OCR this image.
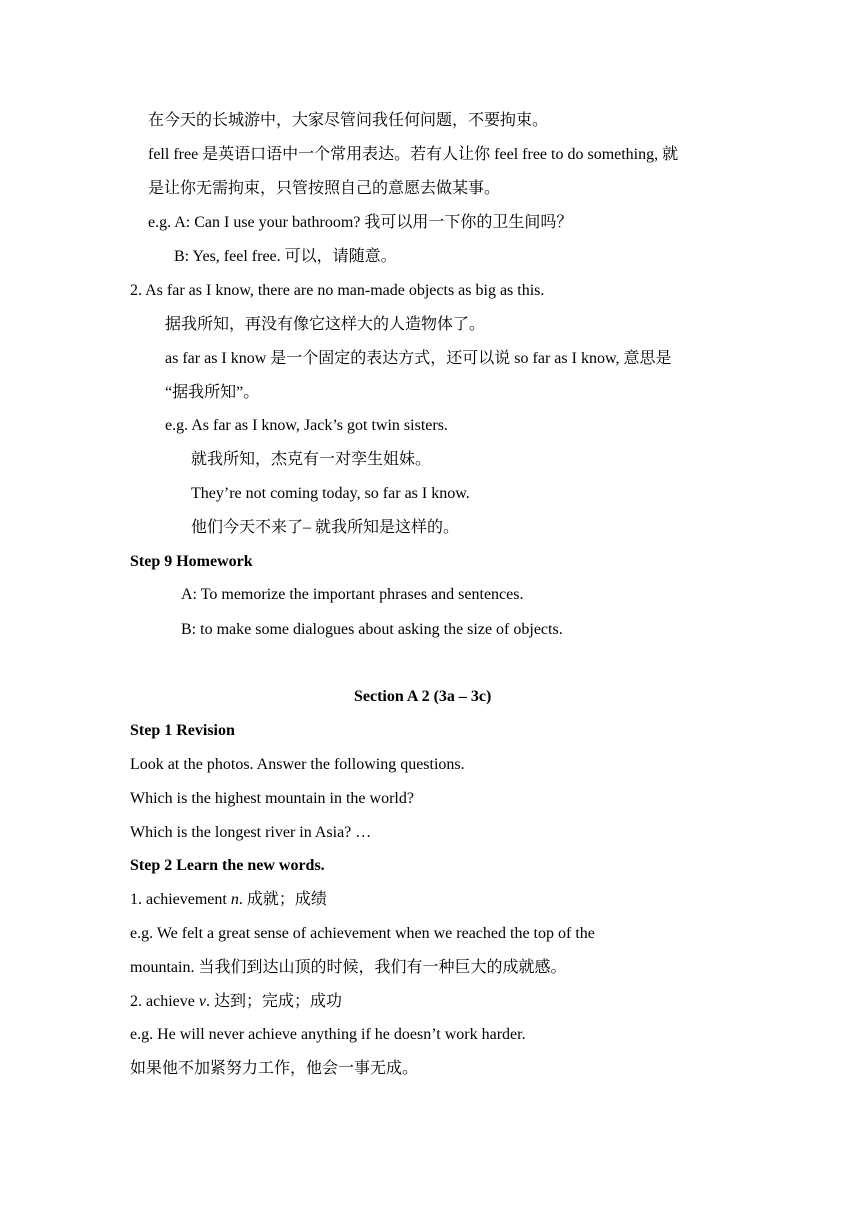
在今天的长城游中，大家尽管问我任何问题，不要拘束。
fell free 是英语口语中一个常用表达。若有人让你 feel free to do something, 就
是让你无需拘束，只管按照自己的意愿去做某事。
e.g. A: Can I use your bathroom? 我可以用一下你的卫生间吗？
B: Yes, feel free. 可以，请随意。
2. As far as I know, there are no man-made objects as big as this.
据我所知，再没有像它这样大的人造物体了。
as far as I know 是一个固定的表达方式，还可以说 so far as I know, 意思是
“据我所知”。
e.g. As far as I know, Jack’s got twin sisters.
就我所知，杰克有一对孪生姐妹。
They’re not coming today, so far as I know.
他们今天不来了– 就我所知是这样的。
Step 9 Homework
A: To memorize the important phrases and sentences.
B: to make some dialogues about asking the size of objects.
Section A 2 (3a – 3c)
Step 1 Revision
Look at the photos. Answer the following questions.
Which is the highest mountain in the world?
Which is the longest river in Asia? …
Step 2 Learn the new words.
1. achievement n. 成就；成绩
e.g. We felt a great sense of achievement when we reached the top of the
mountain. 当我们到达山顶的时候，我们有一种巨大的成就感。
2. achieve v. 达到；完成；成功
e.g. He will never achieve anything if he doesn’t work harder.
如果他不加紧努力工作，他会一事无成。
